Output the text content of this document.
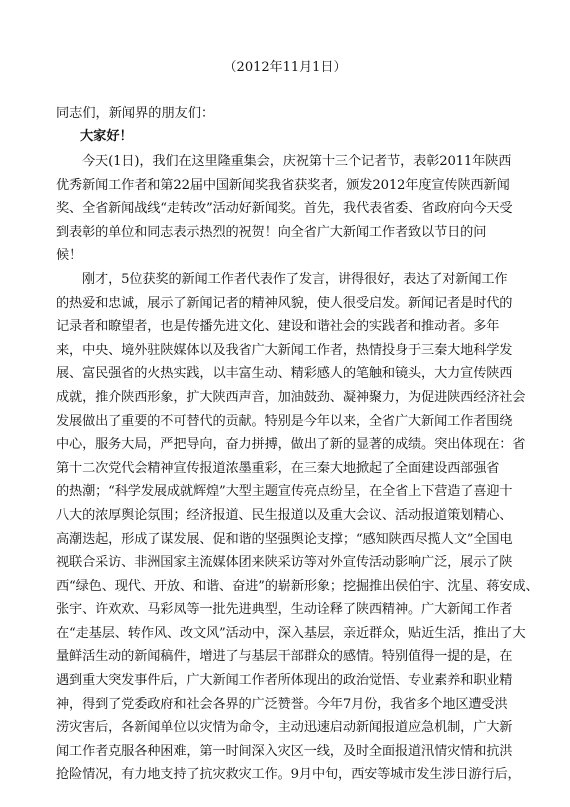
（2012年11月1日）
同志们，新闻界的朋友们：
大家好！
今天(1日)，我们在这里隆重集会，庆祝第十三个记者节，表彰2011年陕西
优秀新闻工作者和第22届中国新闻奖我省获奖者，颁发2012年度宣传陕西新闻
奖、全省新闻战线“走转改”活动好新闻奖。首先，我代表省委、省政府向今天受
到表彰的单位和同志表示热烈的祝贺！向全省广大新闻工作者致以节日的问
候！
刚才，5位获奖的新闻工作者代表作了发言，讲得很好，表达了对新闻工作
的热爱和忠诚，展示了新闻记者的精神风貌，使人很受启发。新闻记者是时代的
记录者和瞭望者，也是传播先进文化、建设和谐社会的实践者和推动者。多年
来，中央、境外驻陕媒体以及我省广大新闻工作者，热情投身于三秦大地科学发
展、富民强省的火热实践，以丰富生动、精彩感人的笔触和镜头，大力宣传陕西
成就，推介陕西形象，扩大陕西声音，加油鼓劲、凝神聚力，为促进陕西经济社会
发展做出了重要的不可替代的贡献。特别是今年以来，全省广大新闻工作者围绕
中心，服务大局，严把导向，奋力拼搏，做出了新的显著的成绩。突出体现在：省
第十二次党代会精神宣传报道浓墨重彩，在三秦大地掀起了全面建设西部强省
的热潮；“科学发展成就辉煌”大型主题宣传亮点纷呈，在全省上下营造了喜迎十
八大的浓厚舆论氛围；经济报道、民生报道以及重大会议、活动报道策划精心、
高潮迭起，形成了谋发展、促和谐的坚强舆论支撑；“感知陕西尽揽人文”全国电
视联合采访、非洲国家主流媒体团来陕采访等对外宣传活动影响广泛，展示了陕
西“绿色、现代、开放、和谐、奋进”的崭新形象；挖掘推出侯伯宇、沈星、蒋安成、
张宇、许欢欢、马彩凤等一批先进典型，生动诠释了陕西精神。广大新闻工作者
在“走基层、转作风、改文风”活动中，深入基层，亲近群众，贴近生活，推出了大
量鲜活生动的新闻稿件，增进了与基层干部群众的感情。特别值得一提的是，在
遇到重大突发事件后，广大新闻工作者所体现出的政治觉悟、专业素养和职业精
神，得到了党委政府和社会各界的广泛赞誉。今年7月份，我省多个地区遭受洪
涝灾害后，各新闻单位以灾情为命令，主动迅速启动新闻报道应急机制，广大新
闻工作者克服各种困难，第一时间深入灾区一线，及时全面报道汛情灾情和抗洪
抢险情况，有力地支持了抗灾救灾工作。9月中旬，西安等城市发生涉日游行后，
